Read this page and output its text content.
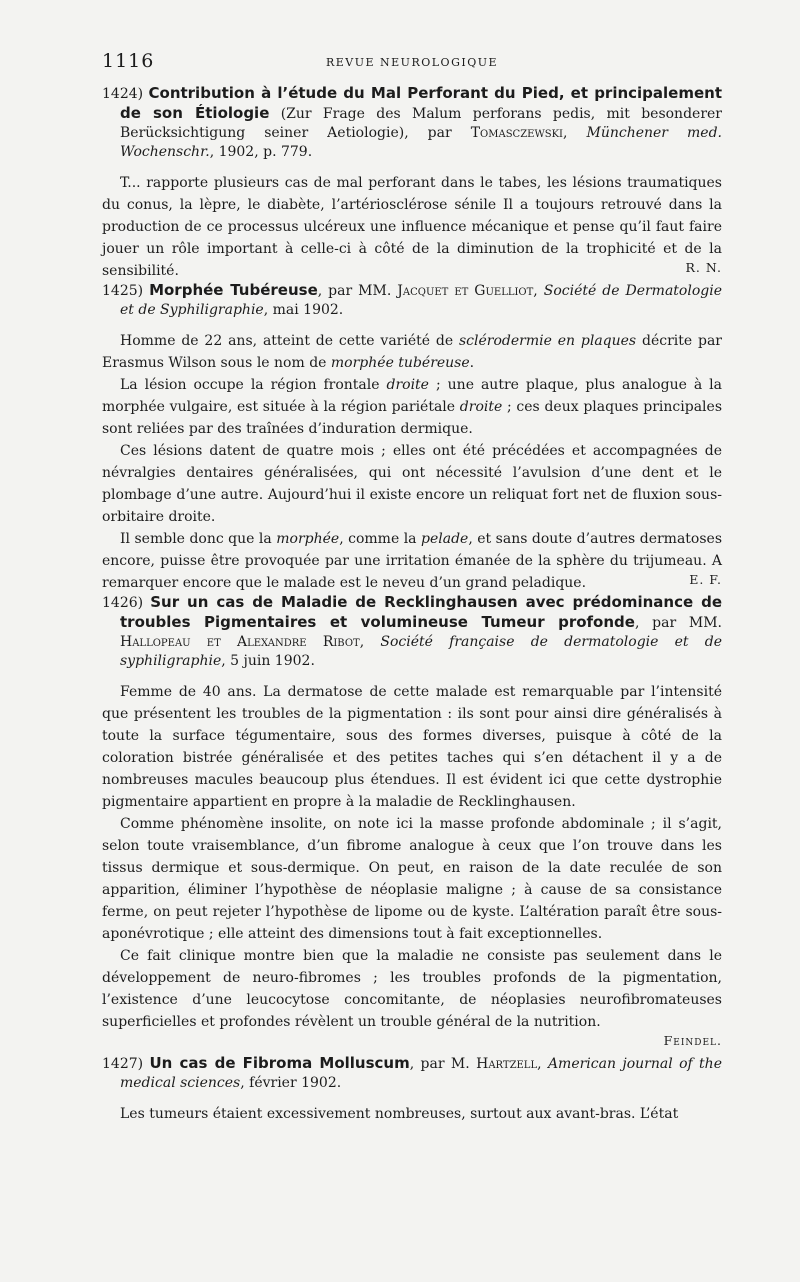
1116	REVUE NEUROLOGIQUE

1424) Contribution à l’étude du Mal Perforant du Pied, et principalement de son Étiologie (Zur Frage des Malum perforans pedis, mit besonderer Berücksichtigung seiner Aetiologie), par Tomasczewski, Münchener med. Wochenschr., 1902, p. 779.

T... rapporte plusieurs cas de mal perforant dans le tabes, les lésions traumatiques du conus, la lèpre, le diabète, l’artériosclérose sénile Il a toujours retrouvé dans la production de ce processus ulcéreux une influence mécanique et pense qu’il faut faire jouer un rôle important à celle-ci à côté de la diminution de la trophicité et de la sensibilité.	R. N.

1425) Morphée Tubéreuse, par MM. Jacquet et Guelliot, Société de Dermatologie et de Syphiligraphie, mai 1902.

Homme de 22 ans, atteint de cette variété de sclérodermie en plaques décrite par Erasmus Wilson sous le nom de morphée tubéreuse.

La lésion occupe la région frontale droite ; une autre plaque, plus analogue à la morphée vulgaire, est située à la région pariétale droite ; ces deux plaques principales sont reliées par des traînées d’induration dermique.

Ces lésions datent de quatre mois ; elles ont été précédées et accompagnées de névralgies dentaires généralisées, qui ont nécessité l’avulsion d’une dent et le plombage d’une autre. Aujourd’hui il existe encore un reliquat fort net de fluxion sous-orbitaire droite.

Il semble donc que la morphée, comme la pelade, et sans doute d’autres dermatoses encore, puisse être provoquée par une irritation émanée de la sphère du trijumeau. A remarquer encore que le malade est le neveu d’un grand peladique.	E. F.

1426) Sur un cas de Maladie de Recklinghausen avec prédominance de troubles Pigmentaires et volumineuse Tumeur profonde, par MM. Hallopeau et Alexandre Ribot, Société française de dermatologie et de syphiligraphie, 5 juin 1902.

Femme de 40 ans. La dermatose de cette malade est remarquable par l’intensité que présentent les troubles de la pigmentation : ils sont pour ainsi dire généralisés à toute la surface tégumentaire, sous des formes diverses, puisque à côté de la coloration bistrée généralisée et des petites taches qui s’en détachent il y a de nombreuses macules beaucoup plus étendues. Il est évident ici que cette dystrophie pigmentaire appartient en propre à la maladie de Recklinghausen.

Comme phénomène insolite, on note ici la masse profonde abdominale ; il s’agit, selon toute vraisemblance, d’un fibrome analogue à ceux que l’on trouve dans les tissus dermique et sous-dermique. On peut, en raison de la date reculée de son apparition, éliminer l’hypothèse de néoplasie maligne ; à cause de sa consistance ferme, on peut rejeter l’hypothèse de lipome ou de kyste. L’altération paraît être sous-aponévrotique ; elle atteint des dimensions tout à fait exceptionnelles.

Ce fait clinique montre bien que la maladie ne consiste pas seulement dans le développement de neuro-fibromes ; les troubles profonds de la pigmentation, l’existence d’une leucocytose concomitante, de néoplasies neurofibromateuses superficielles et profondes révèlent un trouble général de la nutrition.

Feindel.

1427) Un cas de Fibroma Molluscum, par M. Hartzell, American journal of the medical sciences, février 1902.

Les tumeurs étaient excessivement nombreuses, surtout aux avant-bras. L’état
